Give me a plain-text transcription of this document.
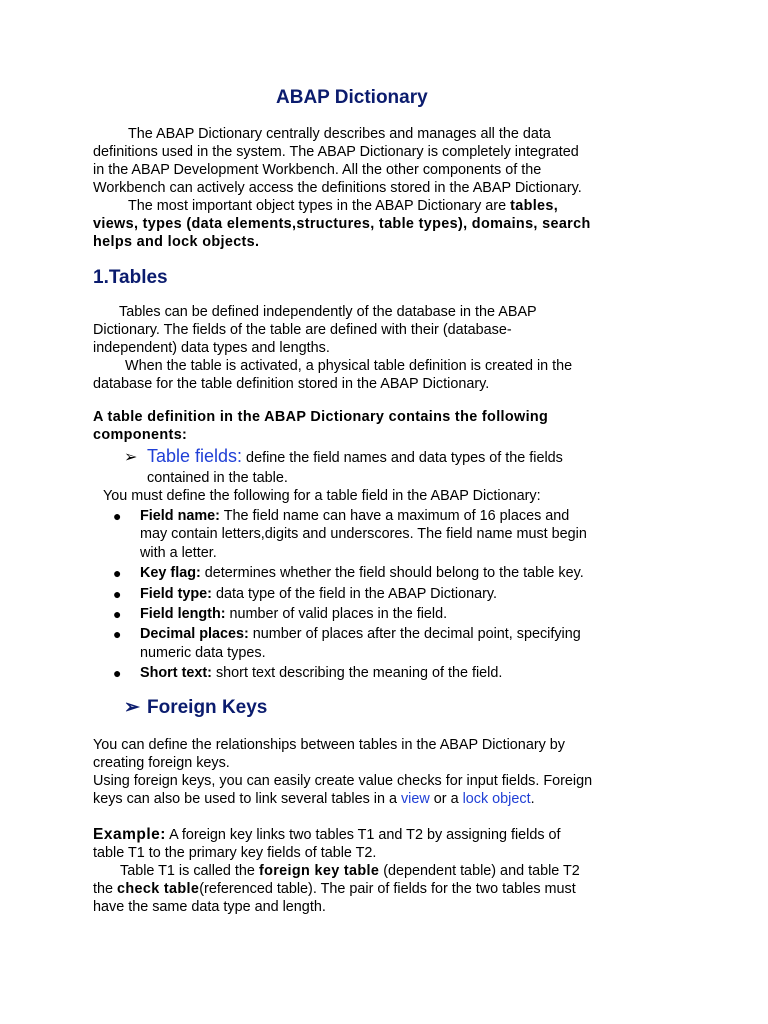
ABAP Dictionary

The ABAP Dictionary centrally describes and manages all the data

definitions used in the system. The ABAP Dictionary is completely integrated

in the ABAP Development Workbench. All the other components of the

Workbench can actively access the definitions stored in the ABAP Dictionary.

The most important object types in the ABAP Dictionary are tables,

views, types (data elements,structures, table types), domains, search

helps and lock objects.

1.Tables

Tables can be defined independently of the database in the ABAP

Dictionary. The fields of the table are defined with their (database-

independent) data types and lengths.

When the table is activated, a physical table definition is created in the

database for the table definition stored in the ABAP Dictionary.

A table definition in the ABAP Dictionary contains the following

components:

➢ Table fields: define the field names and data types of the fields

contained in the table.

You must define the following for a table field in the ABAP Dictionary:

● Field name: The field name can have a maximum of 16 places and
may contain letters,digits and underscores. The field name must begin
with a letter.
● Key flag: determines whether the field should belong to the table key.
● Field type: data type of the field in the ABAP Dictionary.
● Field length: number of valid places in the field.
● Decimal places: number of places after the decimal point, specifying
numeric data types.
● Short text: short text describing the meaning of the field.
➢ Foreign Keys

You can define the relationships between tables in the ABAP Dictionary by

creating foreign keys.

Using foreign keys, you can easily create value checks for input fields. Foreign

keys can also be used to link several tables in a view or a lock object.

Example: A foreign key links two tables T1 and T2 by assigning fields of

table T1 to the primary key fields of table T2.

Table T1 is called the foreign key table (dependent table) and table T2

the check table(referenced table). The pair of fields for the two tables must

have the same data type and length.
